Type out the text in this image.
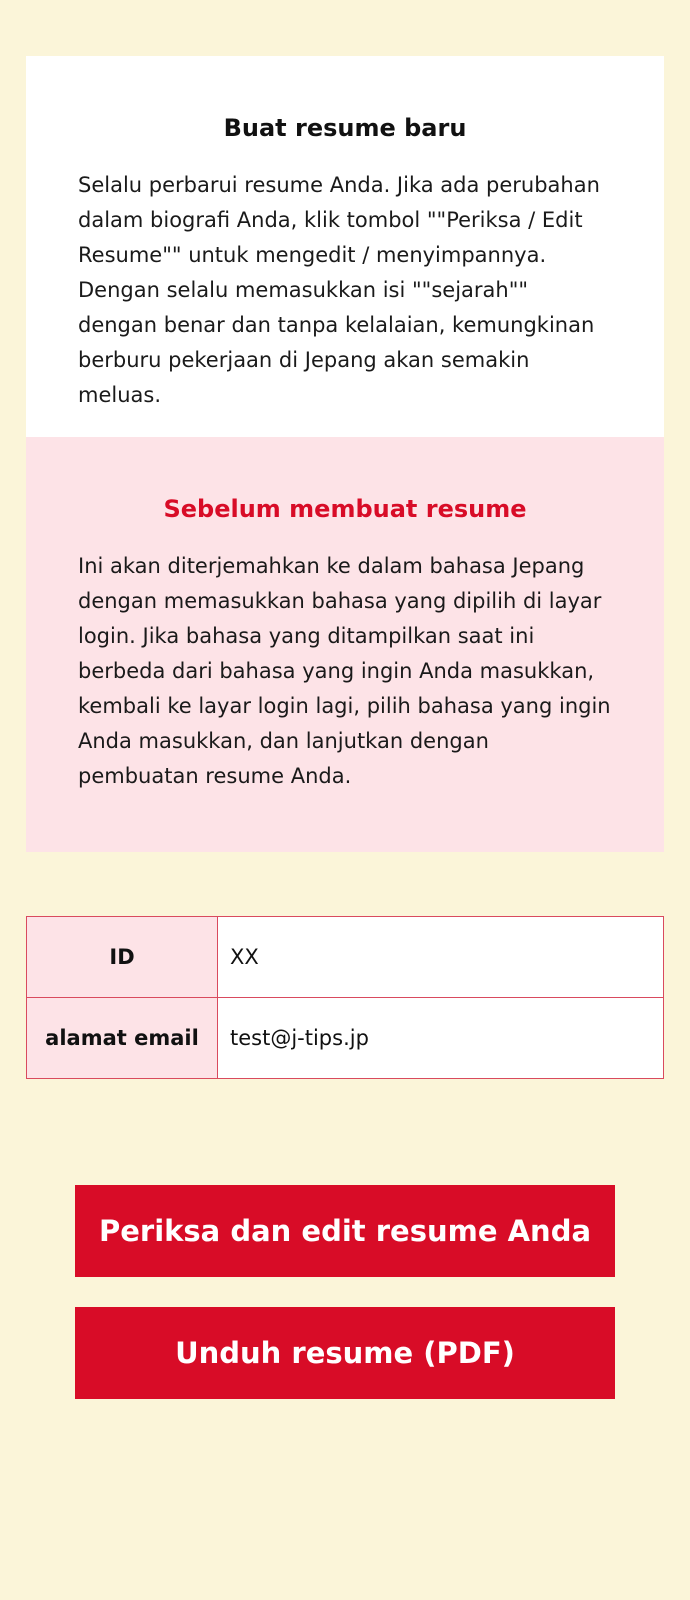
Buat resume baru

Selalu perbarui resume Anda. Jika ada perubahan dalam biografi Anda, klik tombol ""Periksa / Edit Resume"" untuk mengedit / menyimpannya. Dengan selalu memasukkan isi ""sejarah"" dengan benar dan tanpa kelalaian, kemungkinan berburu pekerjaan di Jepang akan semakin meluas.

Sebelum membuat resume

Ini akan diterjemahkan ke dalam bahasa Jepang dengan memasukkan bahasa yang dipilih di layar login. Jika bahasa yang ditampilkan saat ini berbeda dari bahasa yang ingin Anda masukkan, kembali ke layar login lagi, pilih bahasa yang ingin Anda masukkan, dan lanjutkan dengan pembuatan resume Anda.

ID	XX
alamat email	test@j-tips.jp
Periksa dan edit resume Anda
Unduh resume (PDF)
